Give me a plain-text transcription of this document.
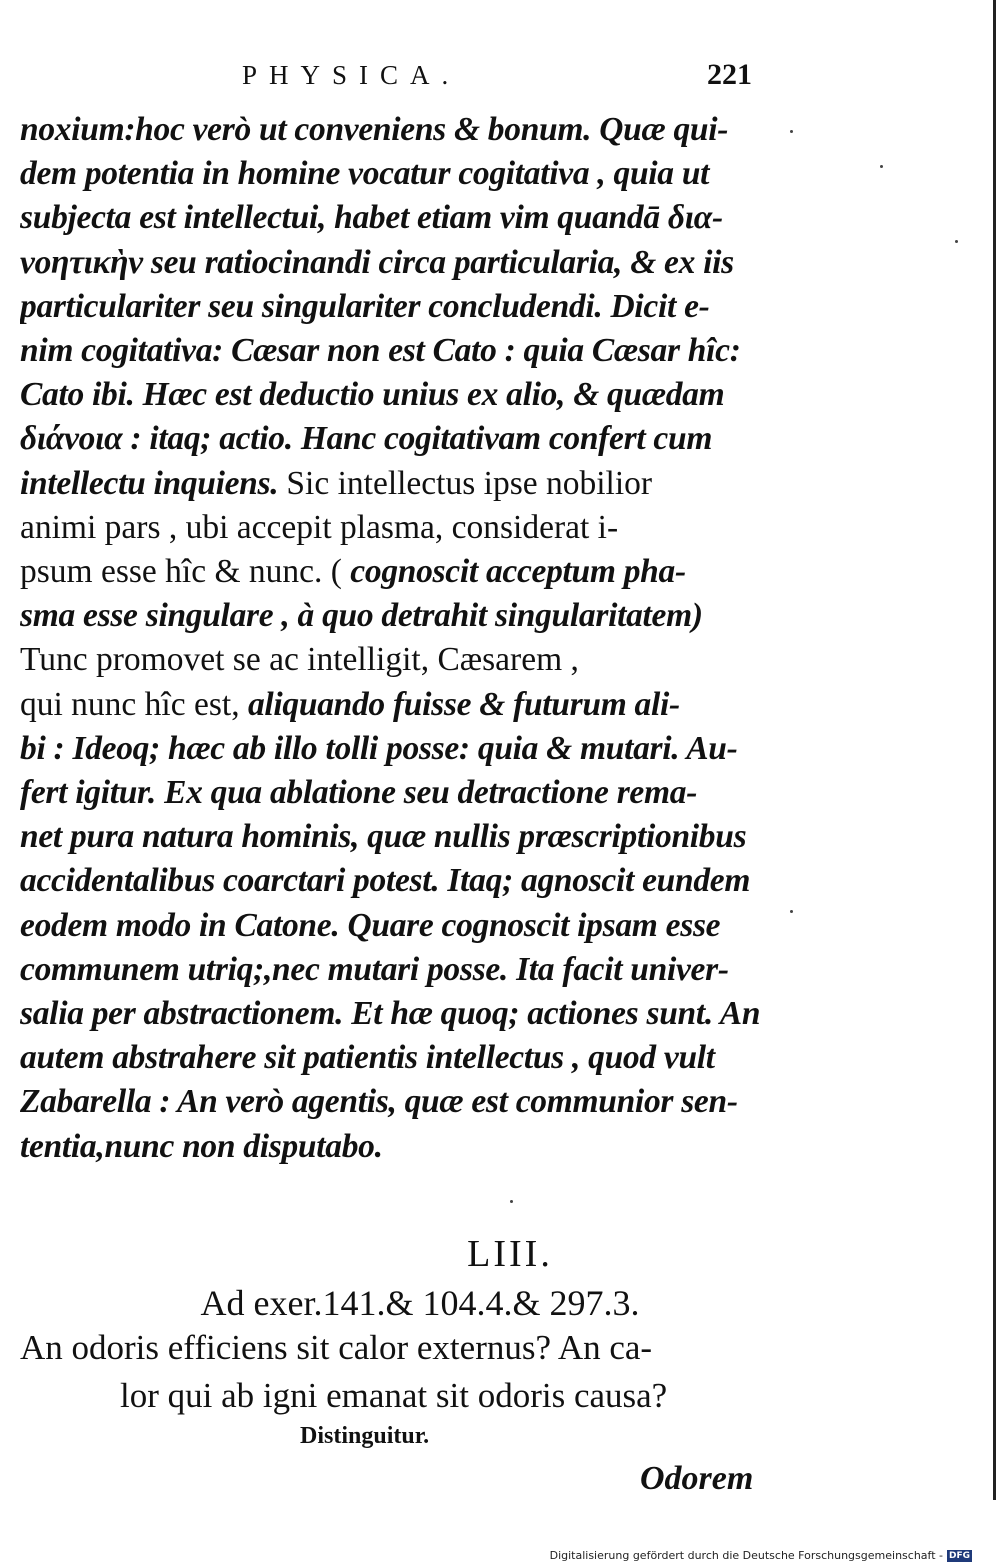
PHYSICA.	221
noxium:hoc verò ut conveniens & bonum. Quæ qui-
dem potentia in homine vocatur cogitativa , quia ut
subjecta est intellectui, habet etiam vim quandā δια-
νοητικὴν seu ratiocinandi circa particularia, & ex iis
particulariter seu singulariter concludendi. Dicit e-
nim cogitativa: Cæsar non est Cato : quia Cæsar hîc:
Cato ibi. Hæc est deductio unius ex alio, & quædam
διάνοια : itaq; actio. Hanc cogitativam confert cum
intellectu inquiens. Sic intellectus ipse nobilior
animi pars , ubi accepit plasma, considerat i-
psum esse hîc & nunc. ( cognoscit acceptum pha-
sma esse singulare , à quo detrahit singularitatem)
Tunc promovet se ac intelligit, Cæsarem ,
qui nunc hîc est, aliquando fuisse & futurum ali-
bi : Ideoq; hæc ab illo tolli posse: quia & mutari. Au-
fert igitur. Ex qua ablatione seu detractione rema-
net pura natura hominis, quæ nullis præscriptionibus
accidentalibus coarctari potest. Itaq; agnoscit eundem
eodem modo in Catone. Quare cognoscit ipsam esse
communem utriq;,nec mutari posse. Ita facit univer-
salia per abstractionem. Et hæ quoq; actiones sunt. An
autem abstrahere sit patientis intellectus , quod vult
Zabarella : An verò agentis, quæ est communior sen-
tentia,nunc non disputabo.
LIII.
Ad exer.141.& 104.4.& 297.3.
An odoris efficiens sit calor externus? An ca-
lor qui ab igni emanat sit odoris causa?
Distinguitur.
Odorem
Digitalisierung gefördert durch die Deutsche Forschungsgemeinschaft - DFG
